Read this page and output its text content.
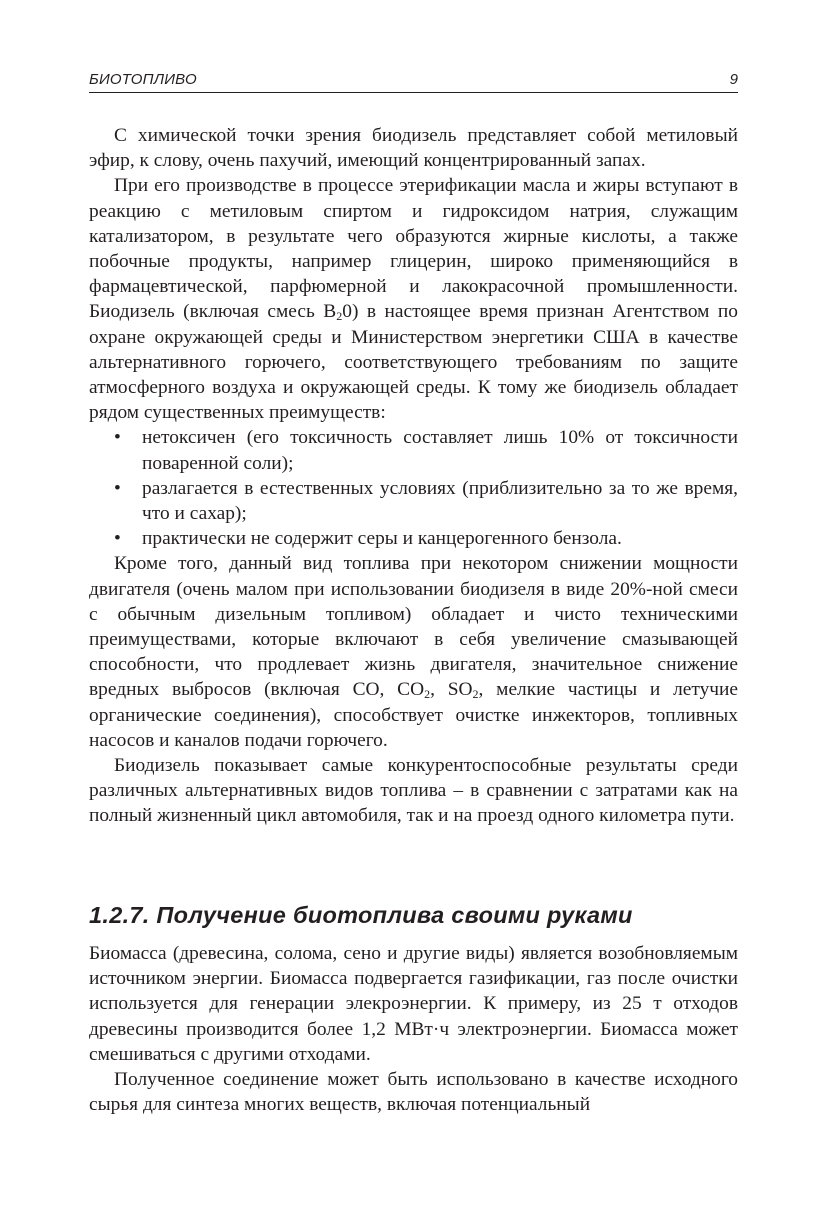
БИОТОПЛИВО	9

С химической точки зрения биодизель представляет собой метиловый эфир, к слову, очень пахучий, имеющий концентрированный запах.

При его производстве в процессе этерификации масла и жиры вступают в реакцию с метиловым спиртом и гидроксидом натрия, служащим катализатором, в результате чего образуются жирные кислоты, а также побочные продукты, например глицерин, широко применяющийся в фармацевтической, парфюмерной и лакокрасочной промышленности. Биодизель (включая смесь $B_20$) в настоящее время признан Агентством по охране окружающей среды и Министерством энергетики США в качестве альтернативного горючего, соответствующего требованиям по защите атмосферного воздуха и окружающей среды. К тому же биодизель обладает рядом существенных преимуществ:

• нетоксичен (его токсичность составляет лишь 10% от токсичности поваренной соли);
• разлагается в естественных условиях (приблизительно за то же время, что и сахар);
• практически не содержит серы и канцерогенного бензола.

Кроме того, данный вид топлива при некотором снижении мощности двигателя (очень малом при использовании биодизеля в виде 20%-ной смеси с обычным дизельным топливом) обладает и чисто техническими преимуществами, которые включают в себя увеличение смазывающей способности, что продлевает жизнь двигателя, значительное снижение вредных выбросов (включая CO, $CO_2$, $SO_2$, мелкие частицы и летучие органические соединения), способствует очистке инжекторов, топливных насосов и каналов подачи горючего.

Биодизель показывает самые конкурентоспособные результаты среди различных альтернативных видов топлива – в сравнении с затратами как на полный жизненный цикл автомобиля, так и на проезд одного километра пути.

1.2.7. Получение биотоплива своими руками

Биомасса (древесина, солома, сено и другие виды) является возобновляемым источником энергии. Биомасса подвергается газификации, газ после очистки используется для генерации элекроэнергии. К примеру, из 25 т отходов древесины производится более 1,2 МВт·ч электроэнергии. Биомасса может смешиваться с другими отходами.

Полученное соединение может быть использовано в качестве исходного сырья для синтеза многих веществ, включая потенциальный
